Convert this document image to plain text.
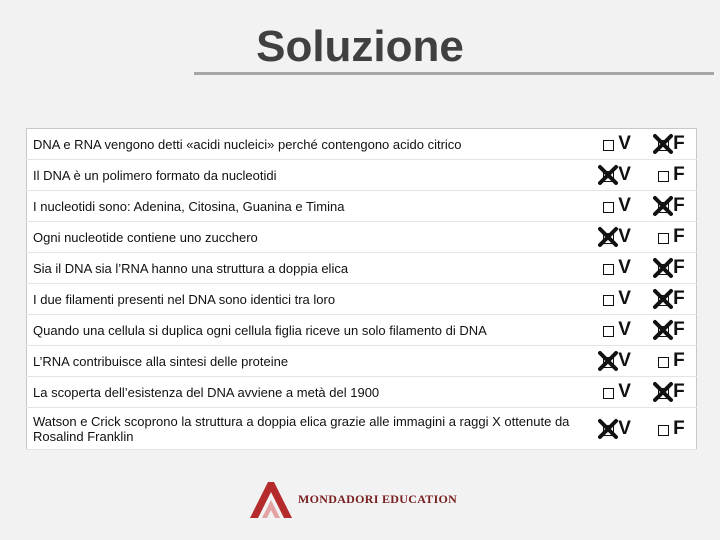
Soluzione
DNA e RNA vengono detti «acidi nucleici» perché contengono acido citrico	V	F

Il DNA è un polimero formato da nucleotidi	V	F

I nucleotidi sono: Adenina, Citosina, Guanina e Timina	V	F

Ogni nucleotide contiene uno zucchero	V	F

Sia il DNA sia l’RNA hanno una struttura a doppia elica	V	F

I due filamenti presenti nel DNA sono identici tra loro	V	F

Quando una cellula si duplica ogni cellula figlia riceve un solo filamento di DNA	V	F

L’RNA contribuisce alla sintesi delle proteine	V	F

La scoperta dell’esistenza del DNA avviene a metà del 1900	V	F

Watson e Crick scoprono la struttura a doppia elica grazie alle immagini a raggi X ottenute da Rosalind Franklin	V	F
MONDADORI EDUCATION
